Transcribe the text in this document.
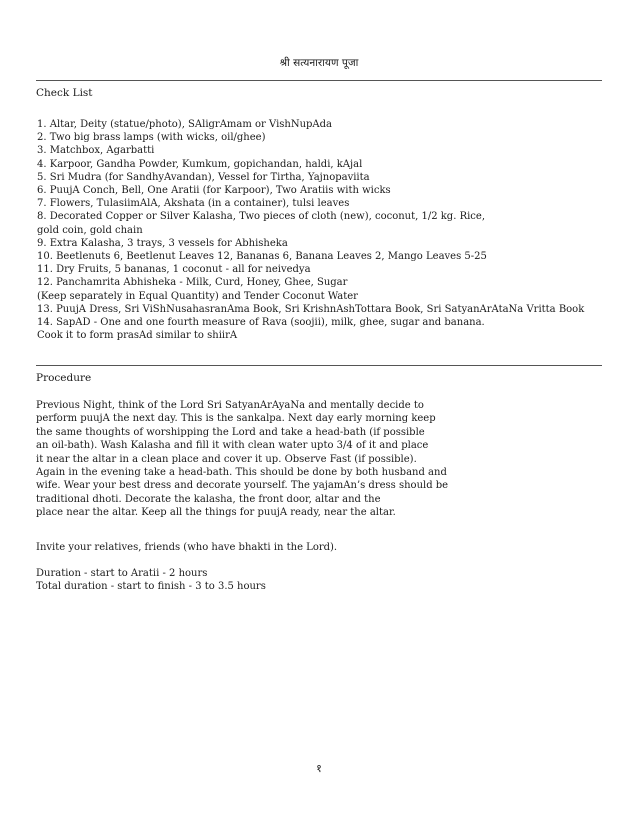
श्री सत्यनारायण पूजा
Check List
1. Altar, Deity (statue/photo), SAligrAmam or VishNupAda
2. Two big brass lamps (with wicks, oil/ghee)
3. Matchbox, Agarbatti
4. Karpoor, Gandha Powder, Kumkum, gopichandan, haldi, kAjal
5. Sri Mudra (for SandhyAvandan), Vessel for Tirtha, Yajnopaviita
6. PuujA Conch, Bell, One Aratii (for Karpoor), Two Aratiis with wicks
7. Flowers, TulasiimAlA, Akshata (in a container), tulsi leaves
8. Decorated Copper or Silver Kalasha, Two pieces of cloth (new), coconut, 1/2 kg. Rice,
gold coin, gold chain
9. Extra Kalasha, 3 trays, 3 vessels for Abhisheka
10. Beetlenuts 6, Beetlenut Leaves 12, Bananas 6, Banana Leaves 2, Mango Leaves 5-25
11. Dry Fruits, 5 bananas, 1 coconut - all for neivedya
12. Panchamrita Abhisheka - Milk, Curd, Honey, Ghee, Sugar
(Keep separately in Equal Quantity) and Tender Coconut Water
13. PuujA Dress, Sri ViShNusahasranAma Book, Sri KrishnAshTottara Book, Sri SatyanArAtaNa Vritta Book
14. SapAD - One and one fourth measure of Rava (soojii), milk, ghee, sugar and banana.
Cook it to form prasAd similar to shiirA
Procedure

Previous Night, think of the Lord Sri SatyanArAyaNa and mentally decide to
perform puujA the next day. This is the sankalpa. Next day early morning keep
the same thoughts of worshipping the Lord and take a head-bath (if possible
an oil-bath). Wash Kalasha and fill it with clean water upto 3/4 of it and place
it near the altar in a clean place and cover it up. Observe Fast (if possible).
Again in the evening take a head-bath. This should be done by both husband and
wife. Wear your best dress and decorate yourself. The yajamAn’s dress should be
traditional dhoti. Decorate the kalasha, the front door, altar and the
place near the altar. Keep all the things for puujA ready, near the altar.

Invite your relatives, friends (who have bhakti in the Lord).

Duration - start to Aratii - 2 hours
Total duration - start to finish - 3 to 3.5 hours

१
